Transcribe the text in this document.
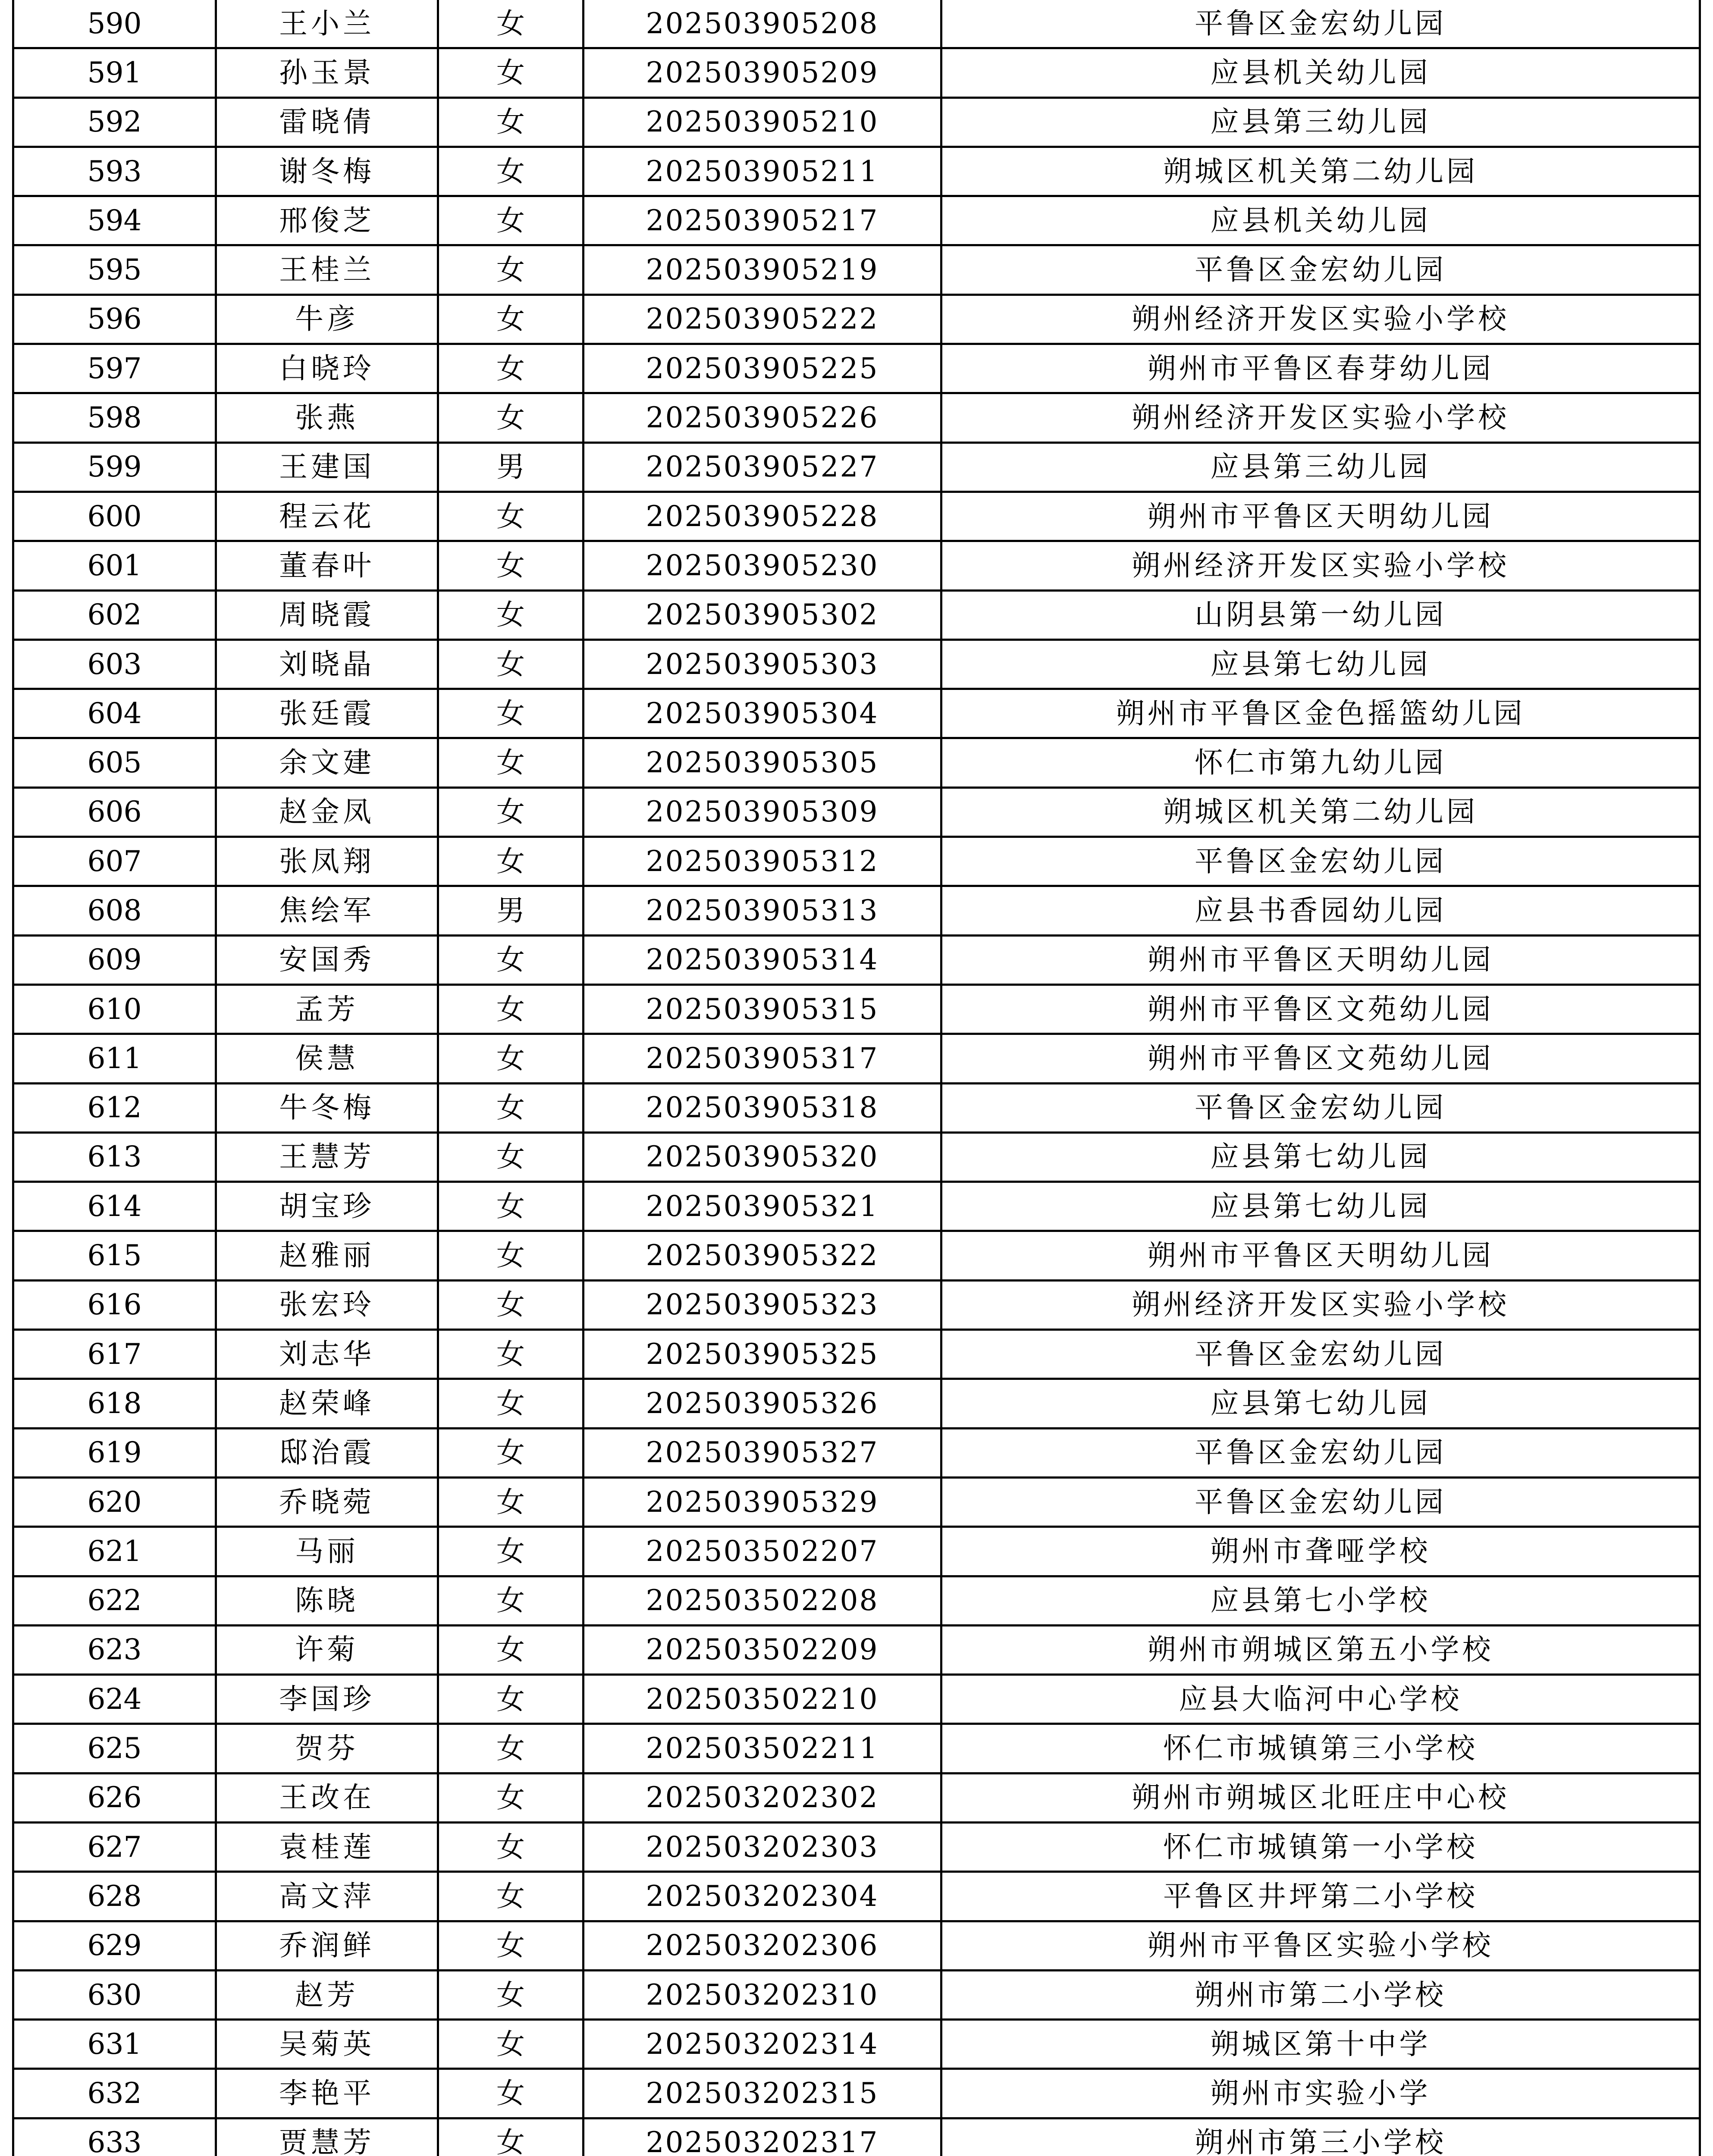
590	王小兰	女	202503905208	平鲁区金宏幼儿园
591	孙玉景	女	202503905209	应县机关幼儿园
592	雷晓倩	女	202503905210	应县第三幼儿园
593	谢冬梅	女	202503905211	朔城区机关第二幼儿园
594	邢俊芝	女	202503905217	应县机关幼儿园
595	王桂兰	女	202503905219	平鲁区金宏幼儿园
596	牛彦	女	202503905222	朔州经济开发区实验小学校
597	白晓玲	女	202503905225	朔州市平鲁区春芽幼儿园
598	张燕	女	202503905226	朔州经济开发区实验小学校
599	王建国	男	202503905227	应县第三幼儿园
600	程云花	女	202503905228	朔州市平鲁区天明幼儿园
601	董春叶	女	202503905230	朔州经济开发区实验小学校
602	周晓霞	女	202503905302	山阴县第一幼儿园
603	刘晓晶	女	202503905303	应县第七幼儿园
604	张廷霞	女	202503905304	朔州市平鲁区金色摇篮幼儿园
605	余文建	女	202503905305	怀仁市第九幼儿园
606	赵金凤	女	202503905309	朔城区机关第二幼儿园
607	张凤翔	女	202503905312	平鲁区金宏幼儿园
608	焦绘军	男	202503905313	应县书香园幼儿园
609	安国秀	女	202503905314	朔州市平鲁区天明幼儿园
610	孟芳	女	202503905315	朔州市平鲁区文苑幼儿园
611	侯慧	女	202503905317	朔州市平鲁区文苑幼儿园
612	牛冬梅	女	202503905318	平鲁区金宏幼儿园
613	王慧芳	女	202503905320	应县第七幼儿园
614	胡宝珍	女	202503905321	应县第七幼儿园
615	赵雅丽	女	202503905322	朔州市平鲁区天明幼儿园
616	张宏玲	女	202503905323	朔州经济开发区实验小学校
617	刘志华	女	202503905325	平鲁区金宏幼儿园
618	赵荣峰	女	202503905326	应县第七幼儿园
619	邸治霞	女	202503905327	平鲁区金宏幼儿园
620	乔晓菀	女	202503905329	平鲁区金宏幼儿园
621	马丽	女	202503502207	朔州市聋哑学校
622	陈晓	女	202503502208	应县第七小学校
623	许菊	女	202503502209	朔州市朔城区第五小学校
624	李国珍	女	202503502210	应县大临河中心学校
625	贺芬	女	202503502211	怀仁市城镇第三小学校
626	王改在	女	202503202302	朔州市朔城区北旺庄中心校
627	袁桂莲	女	202503202303	怀仁市城镇第一小学校
628	高文萍	女	202503202304	平鲁区井坪第二小学校
629	乔润鲜	女	202503202306	朔州市平鲁区实验小学校
630	赵芳	女	202503202310	朔州市第二小学校
631	吴菊英	女	202503202314	朔城区第十中学
632	李艳平	女	202503202315	朔州市实验小学
633	贾慧芳	女	202503202317	朔州市第三小学校
